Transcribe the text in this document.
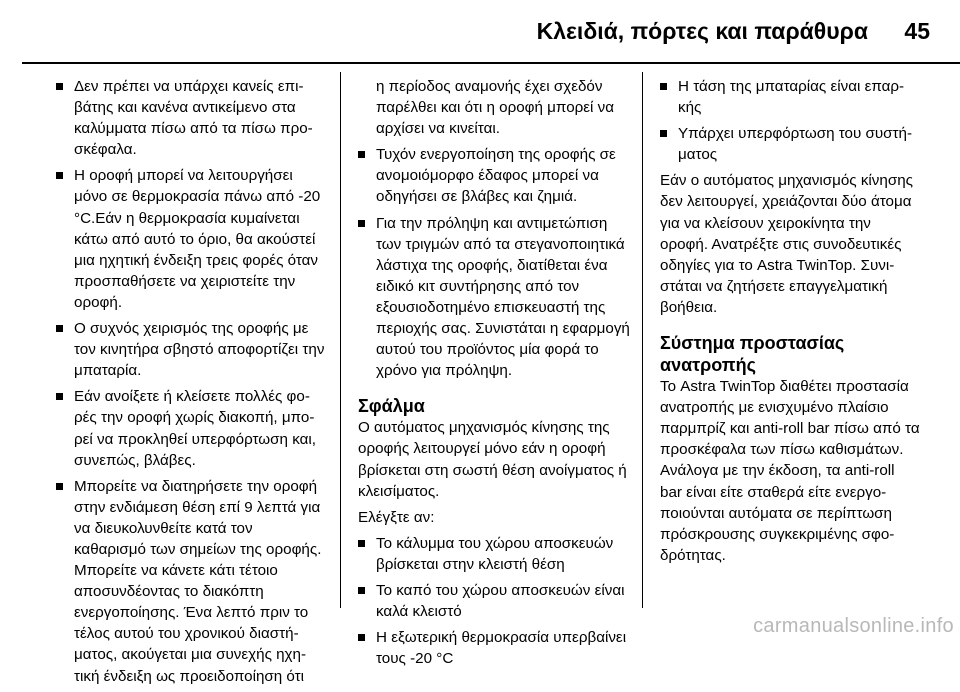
Κλειδιά, πόρτες και παράθυρα 45
Δεν πρέπει να υπάρχει κανείς επιβάτης και κανένα αντικείμενο στα καλύμματα πίσω από τα πίσω προσκέφαλα.
Η οροφή μπορεί να λειτουργήσει μόνο σε θερμοκρασία πάνω από -20 °C.Εάν η θερμοκρασία κυμαίνεται κάτω από αυτό το όριο, θα ακούστεί μια ηχητική ένδειξη τρεις φορές όταν προσπαθήσετε να χειριστείτε την οροφή.
Ο συχνός χειρισμός της οροφής με τον κινητήρα σβηστό αποφορτίζει την μπαταρία.
Εάν ανοίξετε ή κλείσετε πολλές φορές την οροφή χωρίς διακοπή, μπορεί να προκληθεί υπερφόρτωση και, συνεπώς, βλάβες.
Μπορείτε να διατηρήσετε την οροφή στην ενδιάμεση θέση επί 9 λεπτά για να διευκολυνθείτε κατά τον καθαρισμό των σημείων της οροφής. Μπορείτε να κάνετε κάτι τέτοιο αποσυνδέοντας το διακόπτη ενεργοποίησης. Ένα λεπτό πριν το τέλος αυτού του χρονικού διαστήματος, ακούγεται μια συνεχής ηχητική ένδειξη ως προειδοποίηση ότι
η περίοδος αναμονής έχει σχεδόν παρέλθει και ότι η οροφή μπορεί να αρχίσει να κινείται.
Τυχόν ενεργοποίηση της οροφής σε ανομοιόμορφο έδαφος μπορεί να οδηγήσει σε βλάβες και ζημιά.
Για την πρόληψη και αντιμετώπιση των τριγμών από τα στεγανοποιητικά λάστιχα της οροφής, διατίθεται ένα ειδικό κιτ συντήρησης από τον εξουσιοδοτημένο επισκευαστή της περιοχής σας. Συνιστάται η εφαρμογή αυτού του προϊόντος μία φορά το χρόνο για πρόληψη.
Σφάλμα
Ο αυτόματος μηχανισμός κίνησης της οροφής λειτουργεί μόνο εάν η οροφή βρίσκεται στη σωστή θέση ανοίγματος ή κλεισίματος.
Ελέγξτε αν:
Το κάλυμμα του χώρου αποσκευών βρίσκεται στην κλειστή θέση
Το καπό του χώρου αποσκευών είναι καλά κλειστό
Η εξωτερική θερμοκρασία υπερβαίνει τους -20 °C
Η τάση της μπαταρίας είναι επαρκής
Υπάρχει υπερφόρτωση του συστήματος
Εάν ο αυτόματος μηχανισμός κίνησης δεν λειτουργεί, χρειάζονται δύο άτομα για να κλείσουν χειροκίνητα την οροφή. Ανατρέξτε στις συνοδευτικές οδηγίες για το Astra TwinTop. Συνιστάται να ζητήσετε επαγγελματική βοήθεια.
Σύστημα προστασίας ανατροπής
Το Astra TwinTop διαθέτει προστασία ανατροπής με ενισχυμένο πλαίσιο παρμπρίζ και anti-roll bar πίσω από τα προσκέφαλα των πίσω καθισμάτων. Ανάλογα με την έκδοση, τα anti-roll bar είναι είτε σταθερά είτε ενεργοποιούνται αυτόματα σε περίπτωση πρόσκρουσης συγκεκριμένης σφοδρότητας.
carmanualsonline.info
